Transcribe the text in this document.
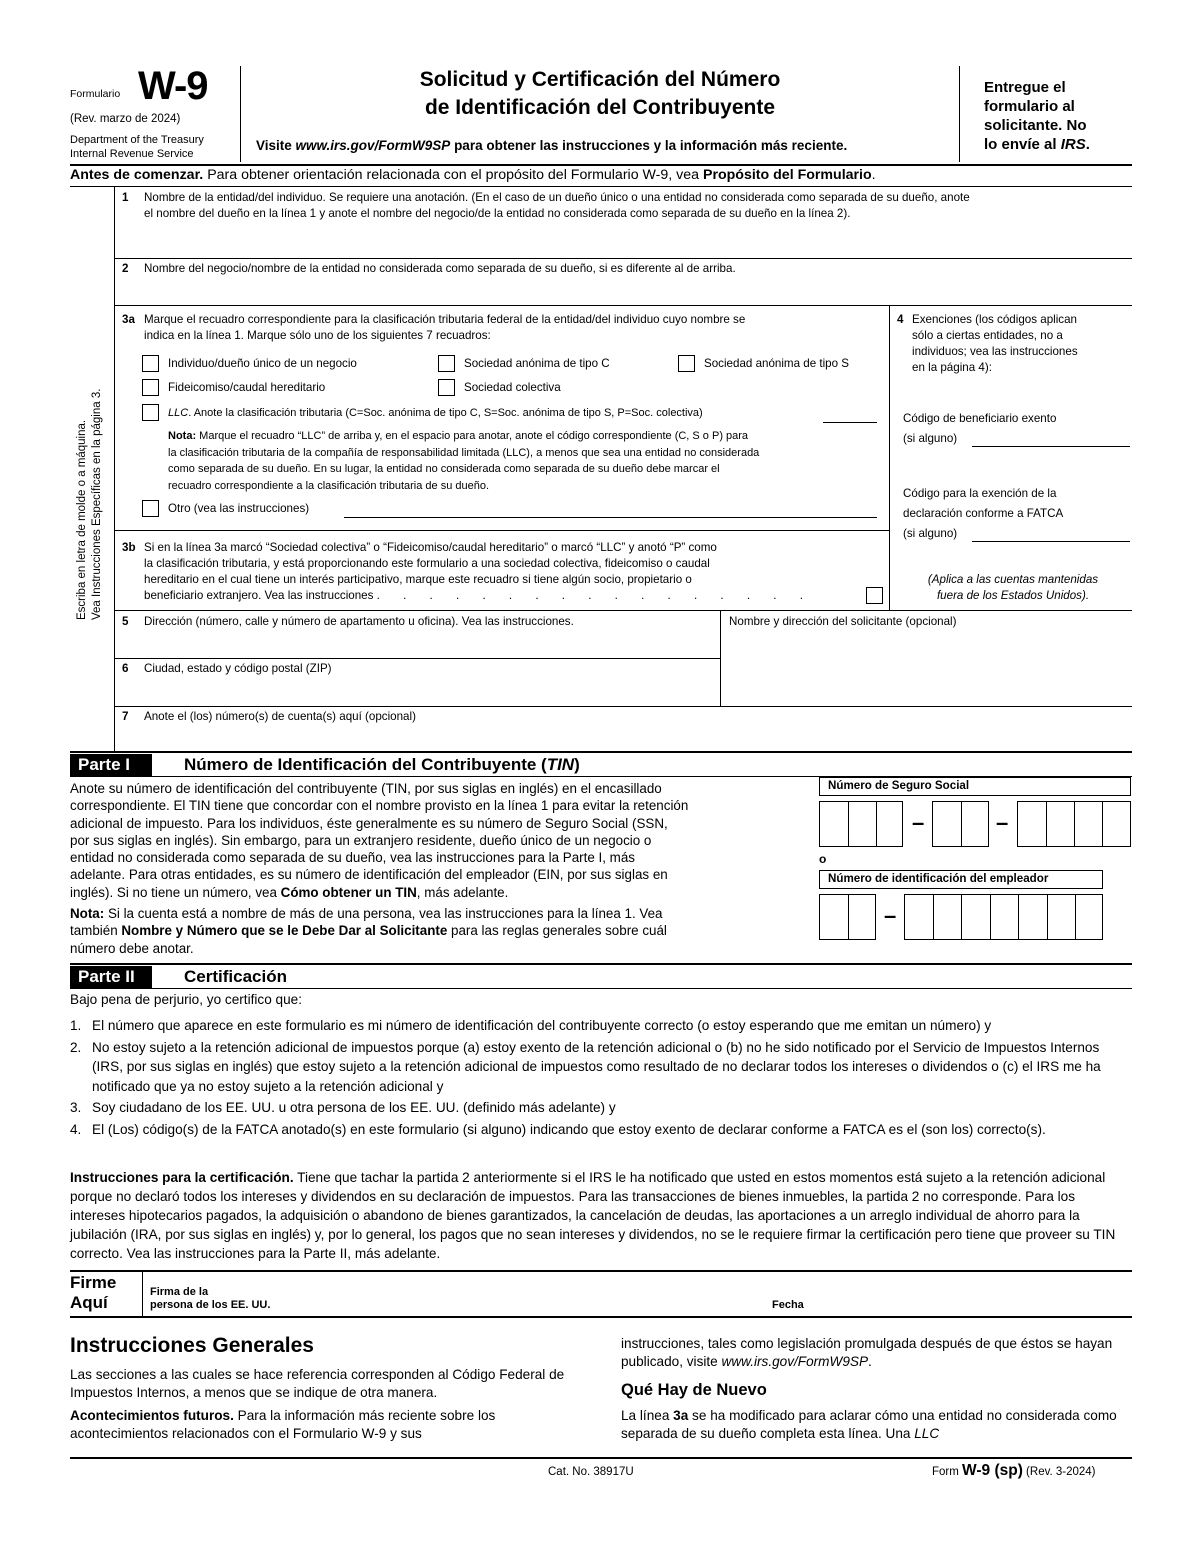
Formulario W-9
(Rev. marzo de 2024)
Department of the Treasury
Internal Revenue Service
Solicitud y Certificación del Número
de Identificación del Contribuyente
Visite www.irs.gov/FormW9SP para obtener las instrucciones y la información más reciente.
Entregue el
formulario al
solicitante. No
lo envíe al IRS.
Antes de comenzar. Para obtener orientación relacionada con el propósito del Formulario W-9, vea Propósito del Formulario.
Escriba en letra de molde o a máquina. Vea Instrucciones Específicas en la página 3.
1 Nombre de la entidad/del individuo. Se requiere una anotación. (En el caso de un dueño único o una entidad no considerada como separada de su dueño, anote
el nombre del dueño en la línea 1 y anote el nombre del negocio/de la entidad no considerada como separada de su dueño en la línea 2).
2 Nombre del negocio/nombre de la entidad no considerada como separada de su dueño, si es diferente al de arriba.
3a Marque el recuadro correspondiente para la clasificación tributaria federal de la entidad/del individuo cuyo nombre se
indica en la línea 1. Marque sólo uno de los siguientes 7 recuadros:
Individuo/dueño único de un negocio	Sociedad anónima de tipo C	Sociedad anónima de tipo S
Fideicomiso/caudal hereditario	Sociedad colectiva
LLC. Anote la clasificación tributaria (C=Soc. anónima de tipo C, S=Soc. anónima de tipo S, P=Soc. colectiva)
Nota: Marque el recuadro “LLC” de arriba y, en el espacio para anotar, anote el código correspondiente (C, S o P) para
la clasificación tributaria de la compañía de responsabilidad limitada (LLC), a menos que sea una entidad no considerada
como separada de su dueño. En su lugar, la entidad no considerada como separada de su dueño debe marcar el
recuadro correspondiente a la clasificación tributaria de su dueño.
Otro (vea las instrucciones)
4 Exenciones (los códigos aplican
sólo a ciertas entidades, no a
individuos; vea las instrucciones
en la página 4):
Código de beneficiario exento
(si alguno)
Código para la exención de la
declaración conforme a FATCA
(si alguno)
(Aplica a las cuentas mantenidas
fuera de los Estados Unidos).
3b Si en la línea 3a marcó “Sociedad colectiva” o “Fideicomiso/caudal hereditario” o marcó “LLC” y anotó “P” como
la clasificación tributaria, y está proporcionando este formulario a una sociedad colectiva, fideicomiso o caudal
hereditario en el cual tiene un interés participativo, marque este recuadro si tiene algún socio, propietario o
beneficiario extranjero. Vea las instrucciones . . . . . . . . . . . . . . . . .
5 Dirección (número, calle y número de apartamento u oficina). Vea las instrucciones.	Nombre y dirección del solicitante (opcional)
6 Ciudad, estado y código postal (ZIP)
7 Anote el (los) número(s) de cuenta(s) aquí (opcional)
Parte I	Número de Identificación del Contribuyente (TIN)
Anote su número de identificación del contribuyente (TIN, por sus siglas en inglés) en el encasillado
correspondiente. El TIN tiene que concordar con el nombre provisto en la línea 1 para evitar la retención
adicional de impuesto. Para los individuos, éste generalmente es su número de Seguro Social (SSN,
por sus siglas en inglés). Sin embargo, para un extranjero residente, dueño único de un negocio o
entidad no considerada como separada de su dueño, vea las instrucciones para la Parte I, más
adelante. Para otras entidades, es su número de identificación del empleador (EIN, por sus siglas en
inglés). Si no tiene un número, vea Cómo obtener un TIN, más adelante.
Nota: Si la cuenta está a nombre de más de una persona, vea las instrucciones para la línea 1. Vea
también Nombre y Número que se le Debe Dar al Solicitante para las reglas generales sobre cuál
número debe anotar.
Número de Seguro Social
–	–
o
Número de identificación del empleador
–
Parte II	Certificación
Bajo pena de perjurio, yo certifico que:
1. El número que aparece en este formulario es mi número de identificación del contribuyente correcto (o estoy esperando que me emitan un número) y
2. No estoy sujeto a la retención adicional de impuestos porque (a) estoy exento de la retención adicional o (b) no he sido notificado por el Servicio de Impuestos Internos (IRS, por sus siglas en inglés) que estoy sujeto a la retención adicional de impuestos como resultado de no declarar todos los intereses o dividendos o (c) el IRS me ha notificado que ya no estoy sujeto a la retención adicional y
3. Soy ciudadano de los EE. UU. u otra persona de los EE. UU. (definido más adelante) y
4. El (Los) código(s) de la FATCA anotado(s) en este formulario (si alguno) indicando que estoy exento de declarar conforme a FATCA es el (son los) correcto(s).
Instrucciones para la certificación. Tiene que tachar la partida 2 anteriormente si el IRS le ha notificado que usted en estos momentos está sujeto a la retención adicional porque no declaró todos los intereses y dividendos en su declaración de impuestos. Para las transacciones de bienes inmuebles, la partida 2 no corresponde. Para los intereses hipotecarios pagados, la adquisición o abandono de bienes garantizados, la cancelación de deudas, las aportaciones a un arreglo individual de ahorro para la jubilación (IRA, por sus siglas en inglés) y, por lo general, los pagos que no sean intereses y dividendos, no se le requiere firmar la certificación pero tiene que proveer su TIN correcto. Vea las instrucciones para la Parte II, más adelante.
Firme
Aquí
Firma de la
persona de los EE. UU.	Fecha
Instrucciones Generales
Las secciones a las cuales se hace referencia corresponden al Código Federal de Impuestos Internos, a menos que se indique de otra manera.
Acontecimientos futuros. Para la información más reciente sobre los acontecimientos relacionados con el Formulario W-9 y sus
instrucciones, tales como legislación promulgada después de que éstos se hayan publicado, visite www.irs.gov/FormW9SP.
Qué Hay de Nuevo
La línea 3a se ha modificado para aclarar cómo una entidad no considerada como separada de su dueño completa esta línea. Una LLC
Cat. No. 38917U	Form W-9 (sp) (Rev. 3-2024)
